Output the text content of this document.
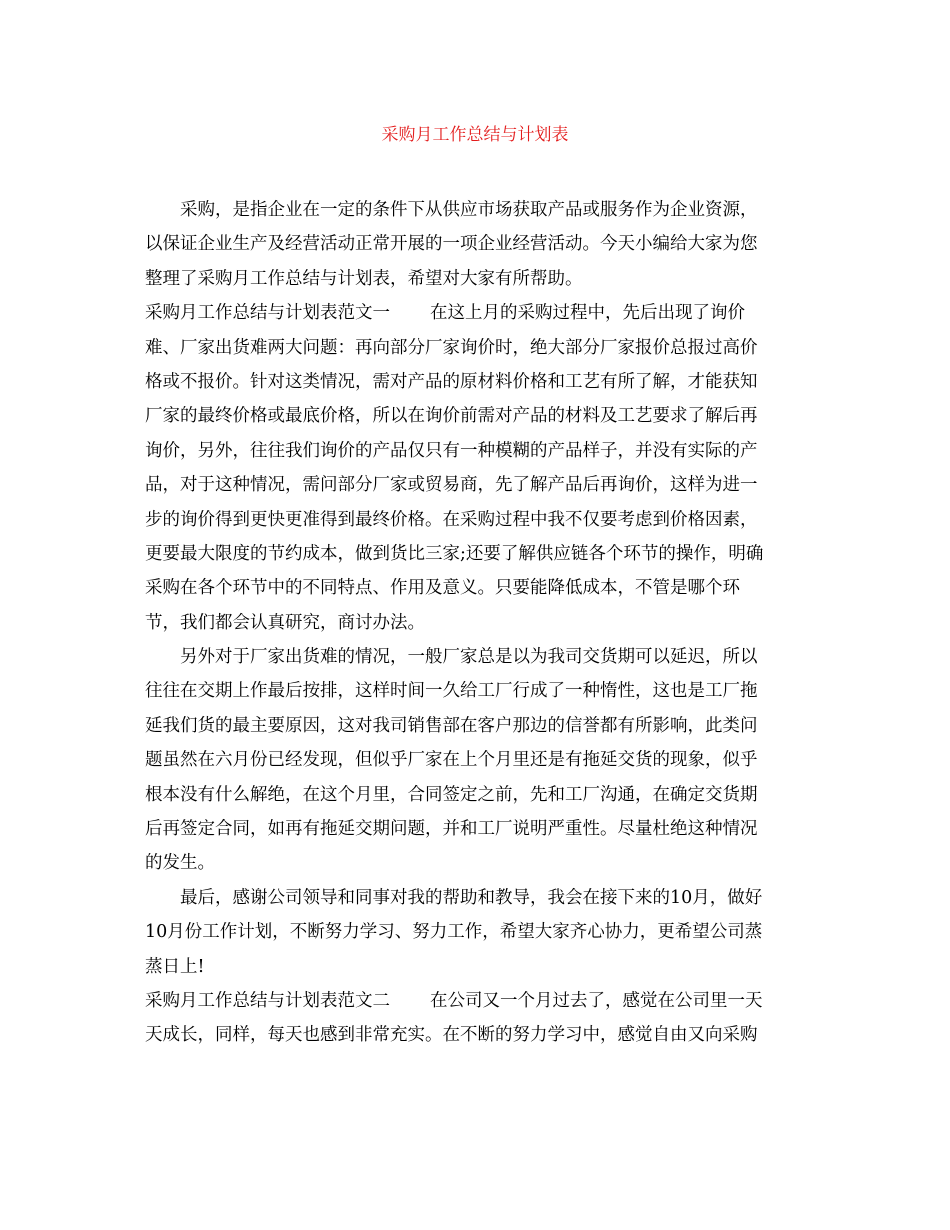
采购月工作总结与计划表

采购，是指企业在一定的条件下从供应市场获取产品或服务作为企业资源，
以保证企业生产及经营活动正常开展的一项企业经营活动。今天小编给大家为您
整理了采购月工作总结与计划表，希望对大家有所帮助。

采购月工作总结与计划表范文一 在这上月的采购过程中，先后出现了询价
难、厂家出货难两大问题：再向部分厂家询价时，绝大部分厂家报价总报过高价
格或不报价。针对这类情况，需对产品的原材料价格和工艺有所了解，才能获知
厂家的最终价格或最底价格，所以在询价前需对产品的材料及工艺要求了解后再
询价，另外，往往我们询价的产品仅只有一种模糊的产品样子，并没有实际的产
品，对于这种情况，需问部分厂家或贸易商，先了解产品后再询价，这样为进一
步的询价得到更快更准得到最终价格。在采购过程中我不仅要考虑到价格因素，
更要最大限度的节约成本，做到货比三家;还要了解供应链各个环节的操作，明确
采购在各个环节中的不同特点、作用及意义。只要能降低成本，不管是哪个环
节，我们都会认真研究，商讨办法。

另外对于厂家出货难的情况，一般厂家总是以为我司交货期可以延迟，所以
往往在交期上作最后按排，这样时间一久给工厂行成了一种惰性，这也是工厂拖
延我们货的最主要原因，这对我司销售部在客户那边的信誉都有所影响，此类问
题虽然在六月份已经发现，但似乎厂家在上个月里还是有拖延交货的现象，似乎
根本没有什么解绝，在这个月里，合同签定之前，先和工厂沟通，在确定交货期
后再签定合同，如再有拖延交期问题，并和工厂说明严重性。尽量杜绝这种情况
的发生。

最后，感谢公司领导和同事对我的帮助和教导，我会在接下来的10月，做好
10月份工作计划，不断努力学习、努力工作，希望大家齐心协力，更希望公司蒸
蒸日上!

采购月工作总结与计划表范文二 在公司又一个月过去了，感觉在公司里一天
天成长，同样，每天也感到非常充实。在不断的努力学习中，感觉自由又向采购
